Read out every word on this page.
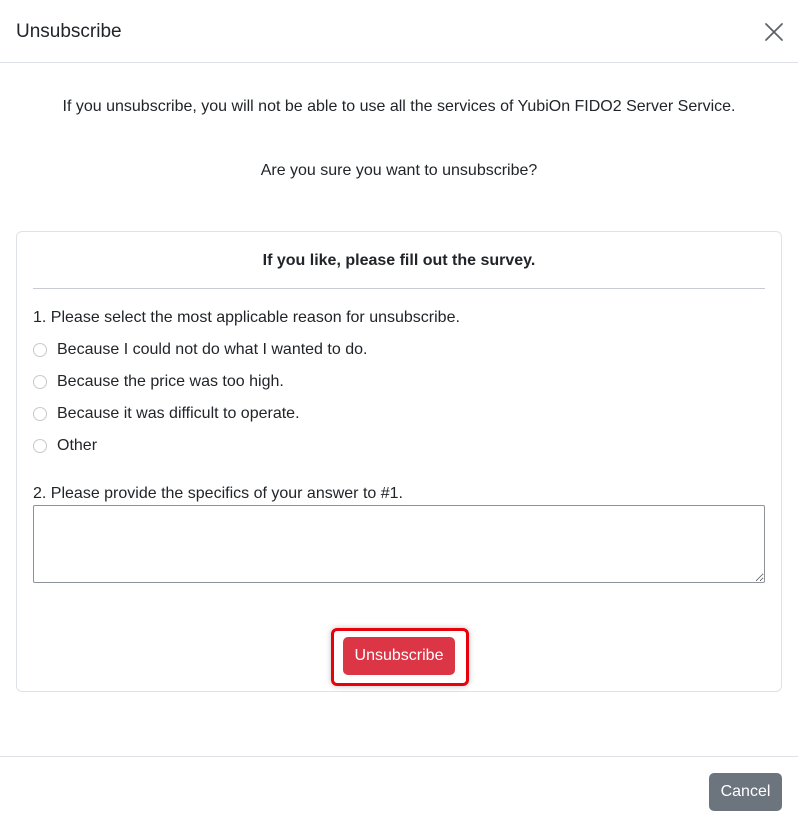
Unsubscribe
If you unsubscribe, you will not be able to use all the services of YubiOn FIDO2 Server Service.
Are you sure you want to unsubscribe?
If you like, please fill out the survey.
1. Please select the most applicable reason for unsubscribe.
Because I could not do what I wanted to do.
Because the price was too high.
Because it was difficult to operate.
Other
2. Please provide the specifics of your answer to #1.
Unsubscribe
Cancel
